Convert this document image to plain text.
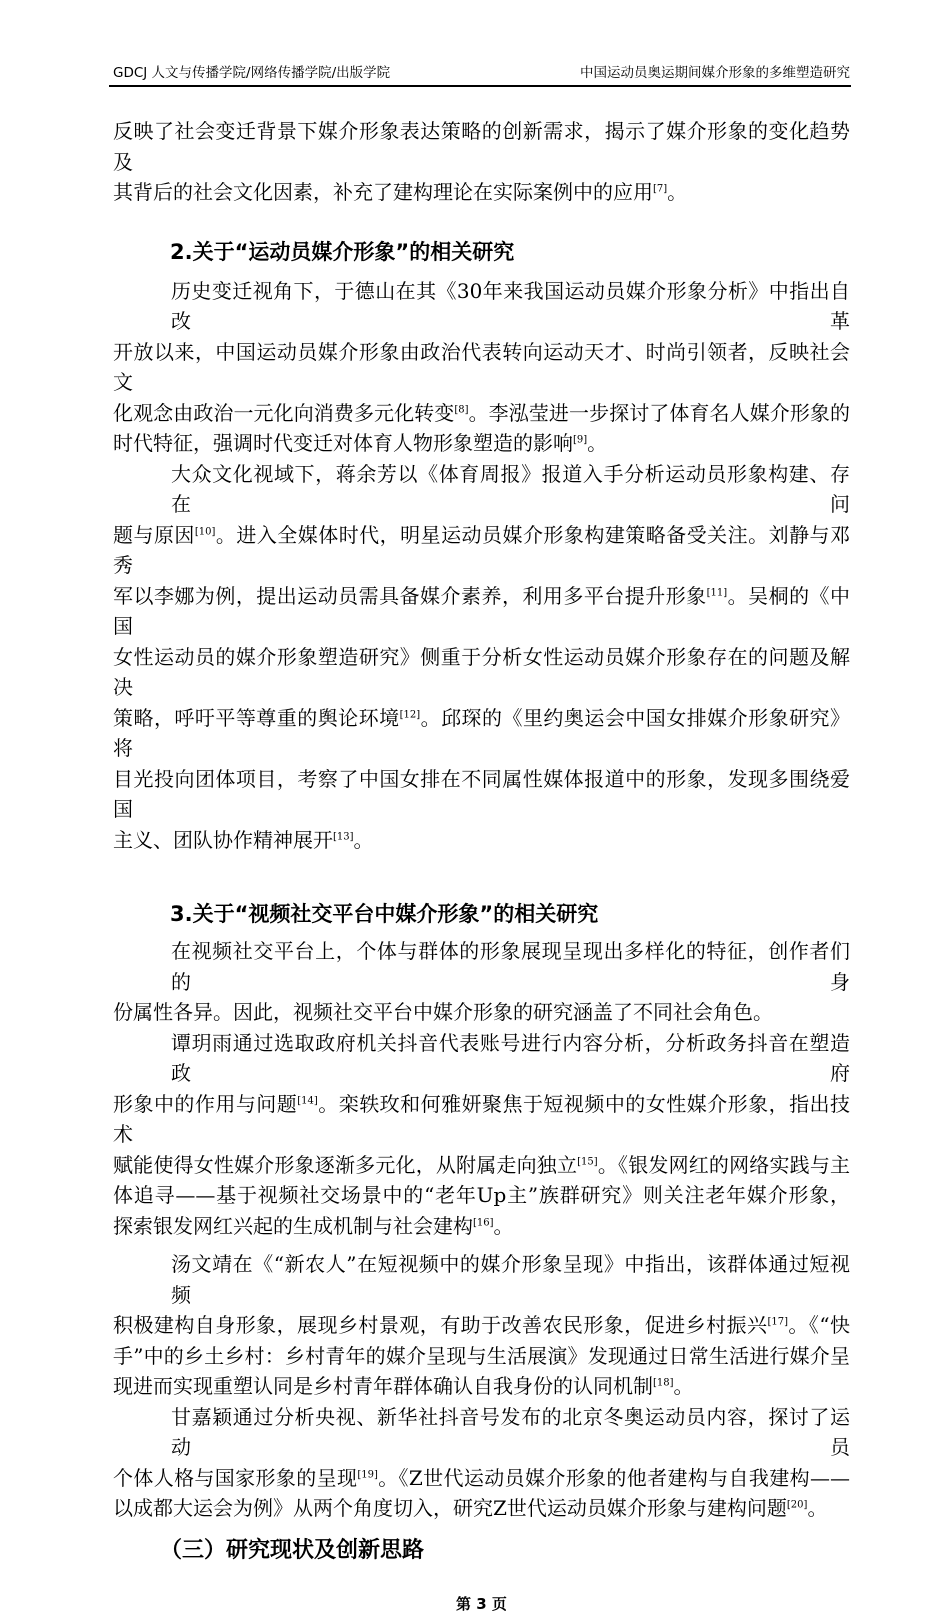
GDCJ 人文与传播学院/网络传播学院/出版学院	中国运动员奥运期间媒介形象的多维塑造研究
反映了社会变迁背景下媒介形象表达策略的创新需求，揭示了媒介形象的变化趋势及
其背后的社会文化因素，补充了建构理论在实际案例中的应用[7]。
2.关于“运动员媒介形象”的相关研究
历史变迁视角下，于德山在其《30年来我国运动员媒介形象分析》中指出自改革
开放以来，中国运动员媒介形象由政治代表转向运动天才、时尚引领者，反映社会文
化观念由政治一元化向消费多元化转变[8]。李泓莹进一步探讨了体育名人媒介形象的
时代特征，强调时代变迁对体育人物形象塑造的影响[9]。
大众文化视域下，蒋余芳以《体育周报》报道入手分析运动员形象构建、存在问
题与原因[10]。进入全媒体时代，明星运动员媒介形象构建策略备受关注。刘静与邓秀
军以李娜为例，提出运动员需具备媒介素养，利用多平台提升形象[11]。吴桐的《中国
女性运动员的媒介形象塑造研究》侧重于分析女性运动员媒介形象存在的问题及解决
策略，呼吁平等尊重的舆论环境[12]。邱琛的《里约奥运会中国女排媒介形象研究》将
目光投向团体项目，考察了中国女排在不同属性媒体报道中的形象，发现多围绕爱国
主义、团队协作精神展开[13]。
3.关于“视频社交平台中媒介形象”的相关研究
在视频社交平台上，个体与群体的形象展现呈现出多样化的特征，创作者们的身
份属性各异。因此，视频社交平台中媒介形象的研究涵盖了不同社会角色。
谭玥雨通过选取政府机关抖音代表账号进行内容分析，分析政务抖音在塑造政府
形象中的作用与问题[14]。栾轶玫和何雅妍聚焦于短视频中的女性媒介形象，指出技术
赋能使得女性媒介形象逐渐多元化，从附属走向独立[15]。《银发网红的网络实践与主
体追寻——基于视频社交场景中的“老年Up主”族群研究》则关注老年媒介形象，
探索银发网红兴起的生成机制与社会建构[16]。
汤文靖在《“新农人”在短视频中的媒介形象呈现》中指出，该群体通过短视频
积极建构自身形象，展现乡村景观，有助于改善农民形象，促进乡村振兴[17]。《“快
手”中的乡土乡村：乡村青年的媒介呈现与生活展演》发现通过日常生活进行媒介呈
现进而实现重塑认同是乡村青年群体确认自我身份的认同机制[18]。
甘嘉颖通过分析央视、新华社抖音号发布的北京冬奥运动员内容，探讨了运动员
个体人格与国家形象的呈现[19]。《Z世代运动员媒介形象的他者建构与自我建构——
以成都大运会为例》从两个角度切入，研究Z世代运动员媒介形象与建构问题[20]。
（三）研究现状及创新思路
第 3 页
